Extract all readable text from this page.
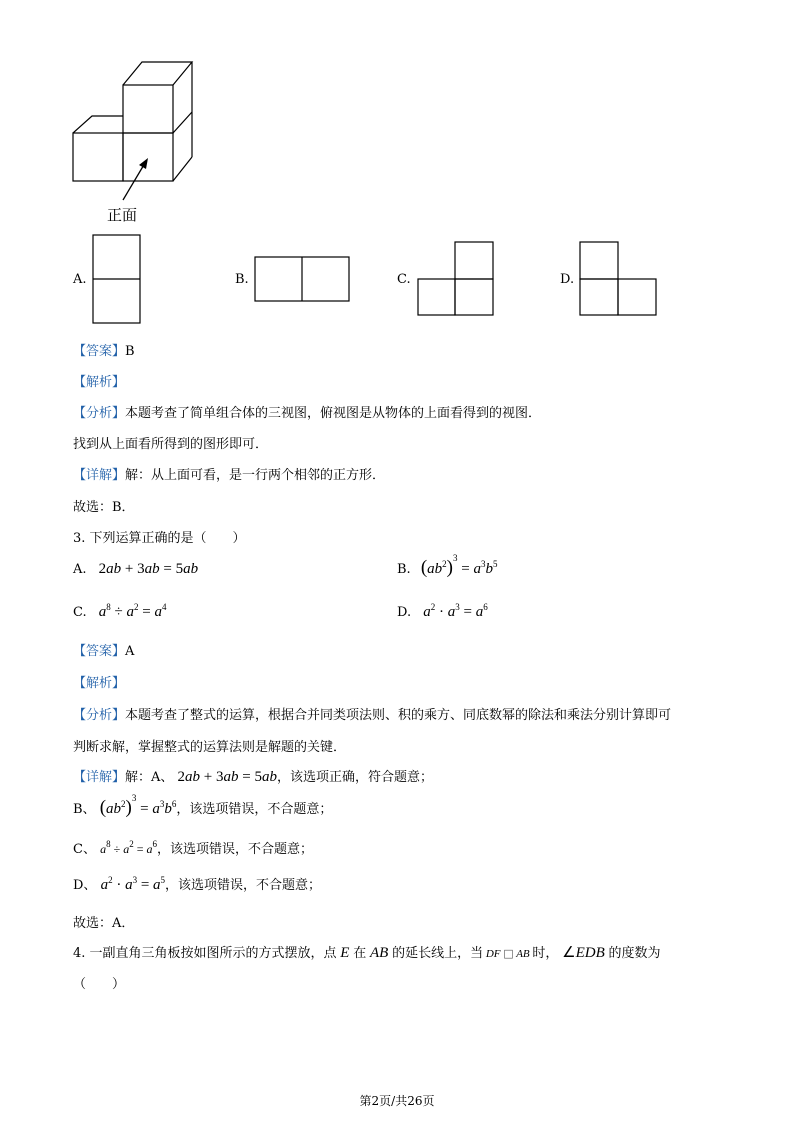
正面
A.	B.	C.	D.
【答案】B
【解析】
【分析】本题考查了简单组合体的三视图，俯视图是从物体的上面看得到的视图．
找到从上面看所得到的图形即可．
【详解】解：从上面可看，是一行两个相邻的正方形．
故选：B．
3. 下列运算正确的是（　　）
A. 2ab + 3ab = 5ab	B. $(ab^2)^3 = a^3b^5$
C. $a^8 \div a^2 = a^4$	D. $a^2 \cdot a^3 = a^6$
【答案】A
【解析】
【分析】本题考查了整式的运算，根据合并同类项法则、积的乘方、同底数幂的除法和乘法分别计算即可
判断求解，掌握整式的运算法则是解题的关键．
【详解】解：A、 2ab + 3ab = 5ab，该选项正确，符合题意；
B、 $(ab^2)^3 = a^3b^6$，该选项错误，不合题意；
C、 $a^8 \div a^2 = a^6$，该选项错误，不合题意；
D、 $a^2 \cdot a^3 = a^5$，该选项错误，不合题意；
故选：A．
4. 一副直角三角板按如图所示的方式摆放，点 E 在 AB 的延长线上，当 DF □ AB 时， ∠EDB 的度数为
（　　）
第2页/共26页
